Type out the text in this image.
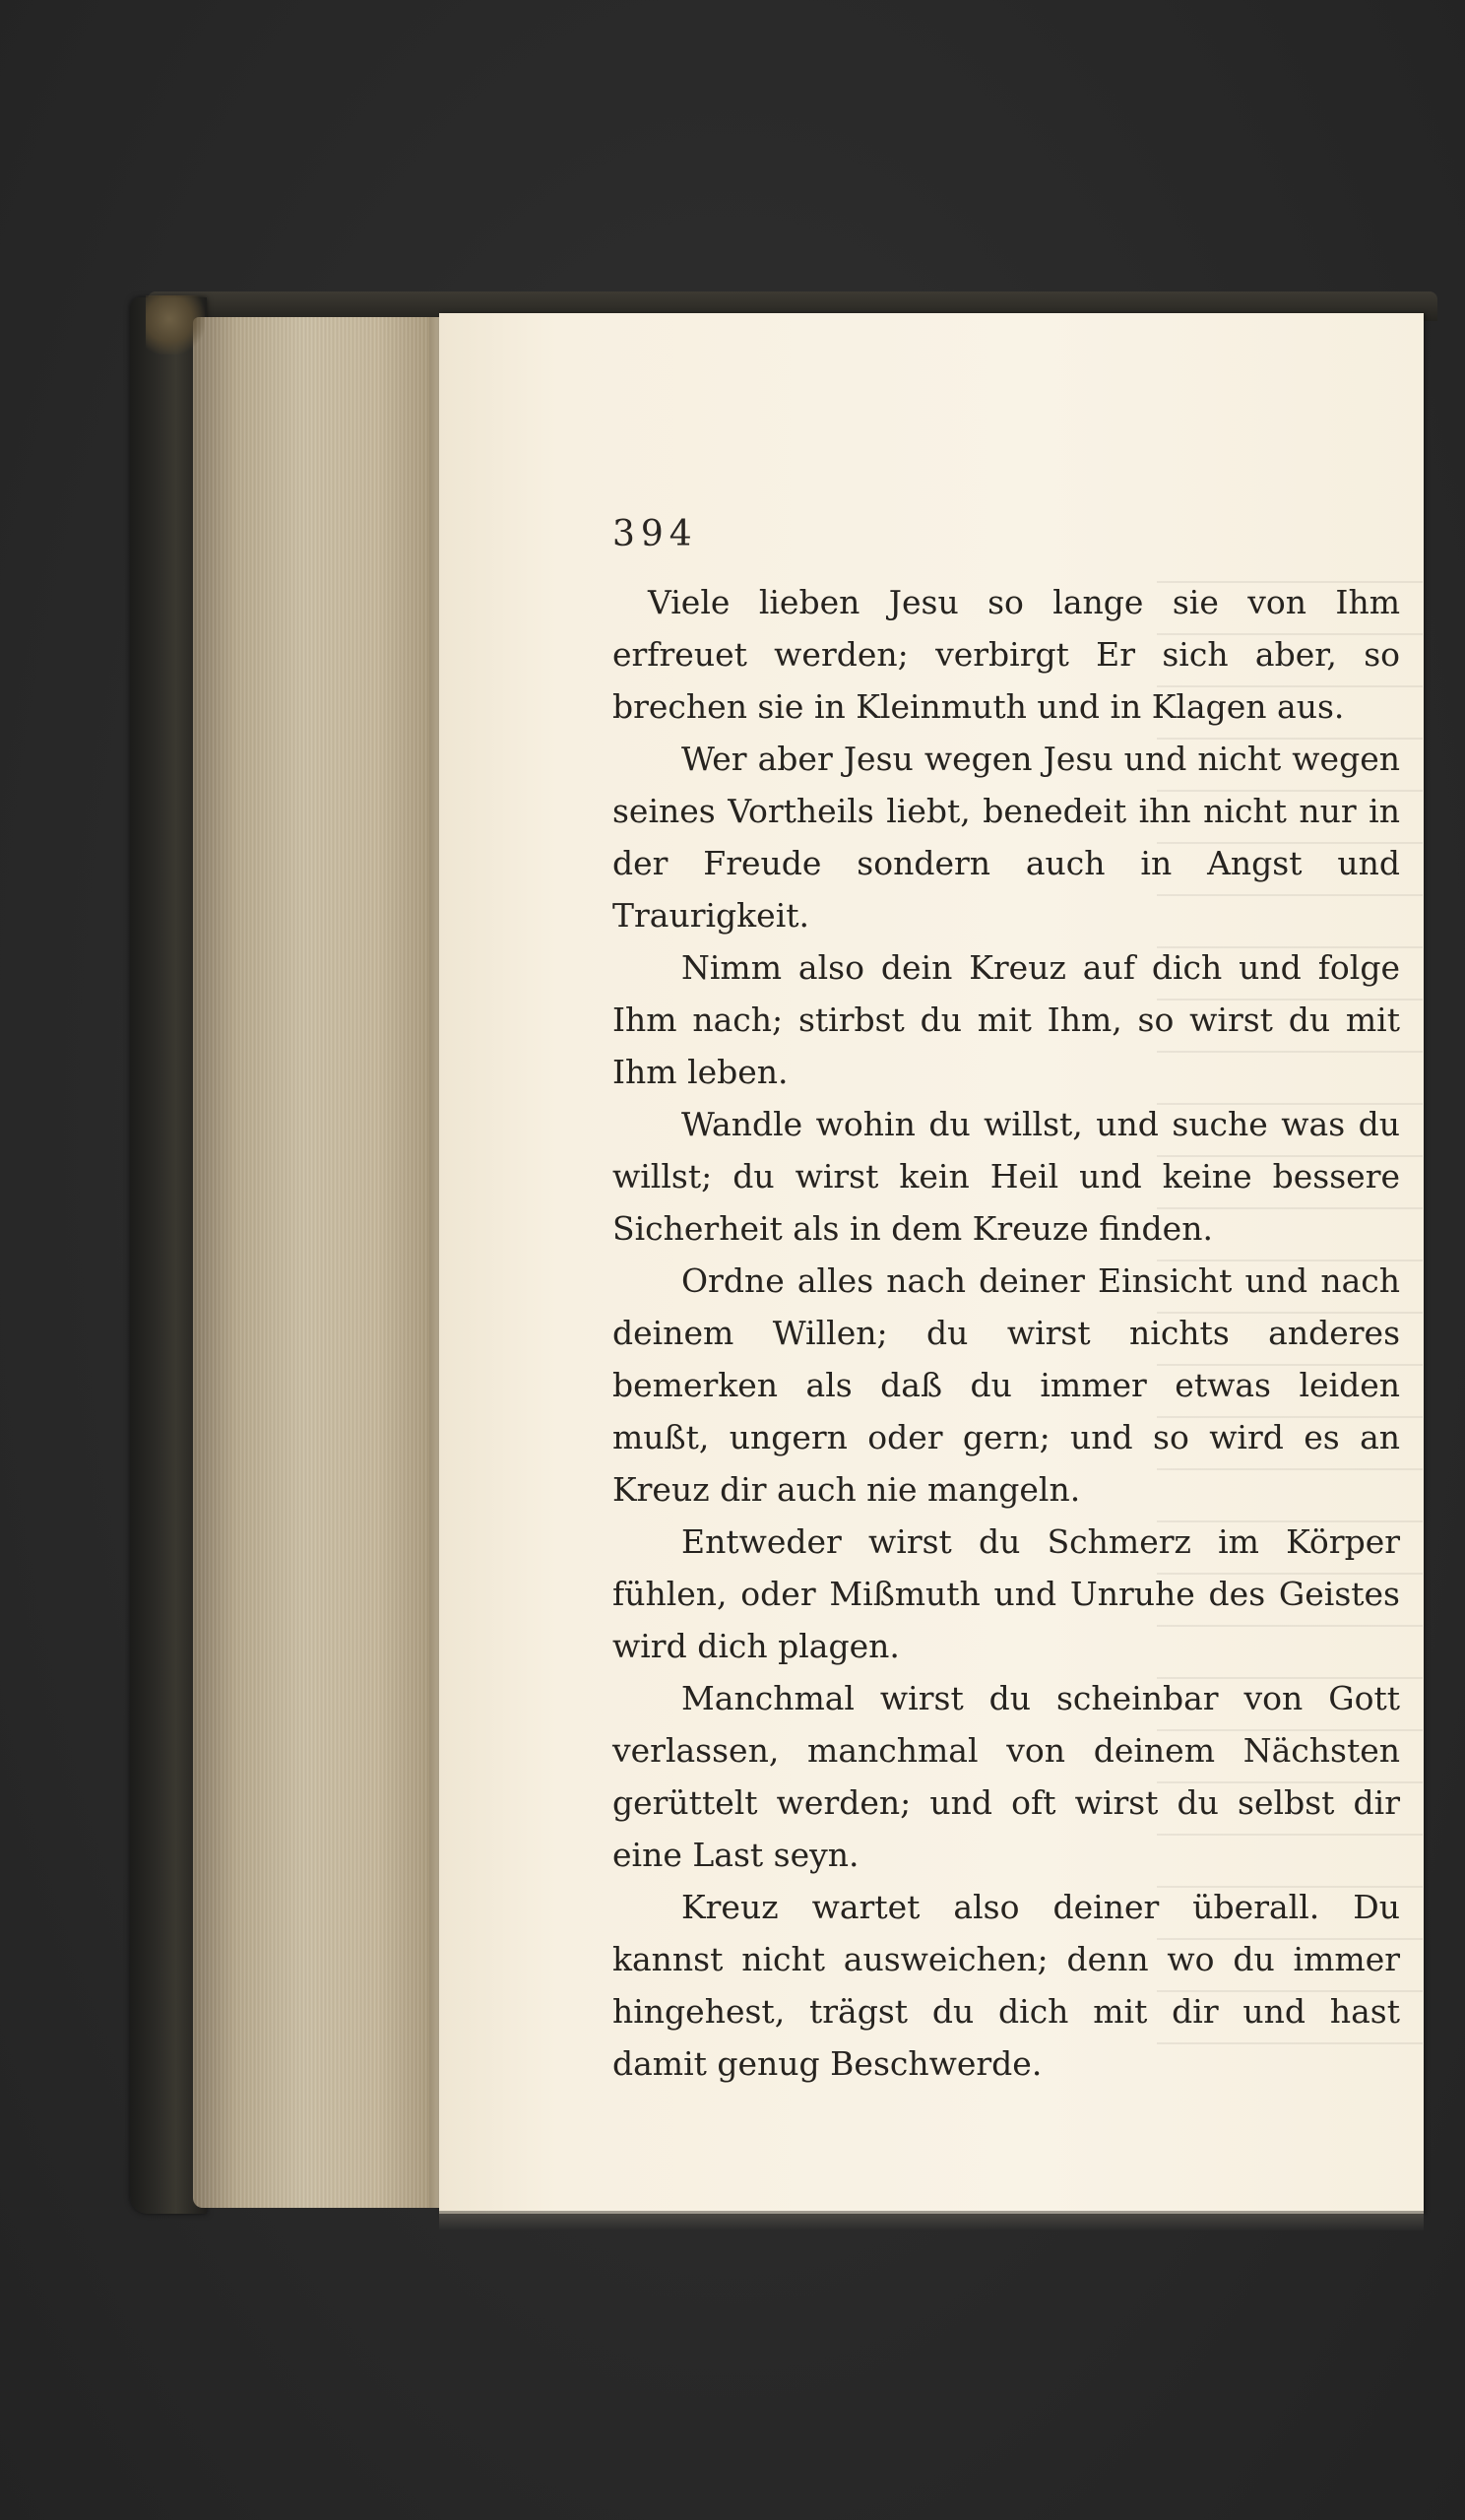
394

Viele lieben Jesu so lange sie von Ihm erfreuet werden; verbirgt Er sich aber, so brechen sie in Kleinmuth und in Klagen aus.

Wer aber Jesu wegen Jesu und nicht wegen seines Vortheils liebt, benedeit ihn nicht nur in der Freude sondern auch in Angst und Traurigkeit.

Nimm also dein Kreuz auf dich und folge Ihm nach; stirbst du mit Ihm, so wirst du mit Ihm leben.

Wandle wohin du willst, und suche was du willst; du wirst kein Heil und keine bessere Sicherheit als in dem Kreuze finden.

Ordne alles nach deiner Einsicht und nach deinem Willen; du wirst nichts anderes bemerken als daß du immer etwas leiden mußt, ungern oder gern; und so wird es an Kreuz dir auch nie mangeln.

Entweder wirst du Schmerz im Körper fühlen, oder Mißmuth und Unruhe des Geistes wird dich plagen.

Manchmal wirst du scheinbar von Gott verlassen, manchmal von deinem Nächsten gerüttelt werden; und oft wirst du selbst dir eine Last seyn.

Kreuz wartet also deiner überall. Du kannst nicht ausweichen; denn wo du immer hingehest, trägst du dich mit dir und hast damit genug Beschwerde.
